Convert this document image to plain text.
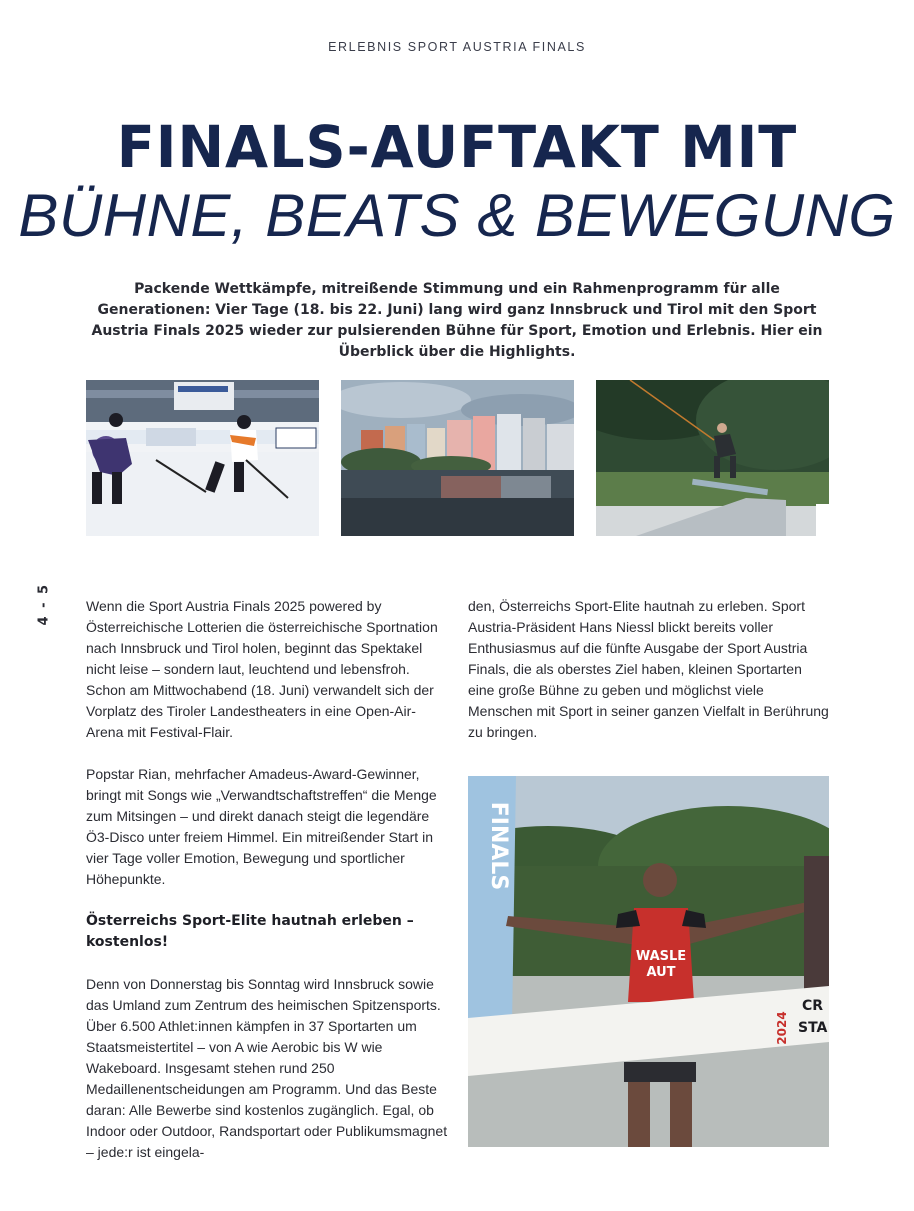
ERLEBNIS SPORT AUSTRIA FINALS
FINALS-AUFTAKT MIT
BÜHNE, BEATS & BEWEGUNG
Packende Wettkämpfe, mitreißende Stimmung und ein Rahmenprogramm für alle Generationen: Vier Tage (18. bis 22. Juni) lang wird ganz Innsbruck und Tirol mit den Sport Austria Finals 2025 wieder zur pulsierenden Bühne für Sport, Emotion und Erlebnis. Hier ein Überblick über die Highlights.
4 - 5 Wenn die Sport Austria Finals 2025 powered by Österreichische Lotterien die österreichische Sportnation nach Innsbruck und Tirol holen, beginnt das Spektakel nicht leise – sondern laut, leuchtend und lebensfroh. Schon am Mittwochabend (18. Juni) verwandelt sich der Vorplatz des Tiroler Landestheaters in eine Open-Air-Arena mit Festival-Flair.

Popstar Rian, mehrfacher Amadeus-Award-Gewinner, bringt mit Songs wie „Verwandtschaftstreffen“ die Menge zum Mitsingen – und direkt danach steigt die legendäre Ö3-Disco unter freiem Himmel. Ein mitreißender Start in vier Tage voller Emotion, Bewegung und sportlicher Höhepunkte.

Österreichs Sport-Elite hautnah erleben – kostenlos!

Denn von Donnerstag bis Sonntag wird Innsbruck sowie das Umland zum Zentrum des heimischen Spitzensports. Über 6.500 Athlet:innen kämpfen in 37 Sportarten um Staatsmeistertitel – von A wie Aerobic bis W wie Wakeboard. Insgesamt stehen rund 250 Medaillenentscheidungen am Programm. Und das Beste daran: Alle Bewerbe sind kostenlos zugänglich. Egal, ob Indoor oder Outdoor, Randsportart oder Publikumsmagnet – jede:r ist eingela-

den, Österreichs Sport-Elite hautnah zu erleben. Sport Austria-Präsident Hans Niessl blickt bereits voller Enthusiasmus auf die fünfte Ausgabe der Sport Austria Finals, die als oberstes Ziel haben, kleinen Sportarten eine große Bühne zu geben und möglichst viele Menschen mit Sport in seiner ganzen Vielfalt in Berührung zu bringen.

FINALS
WASLE
AUT
2024
CR
STA
